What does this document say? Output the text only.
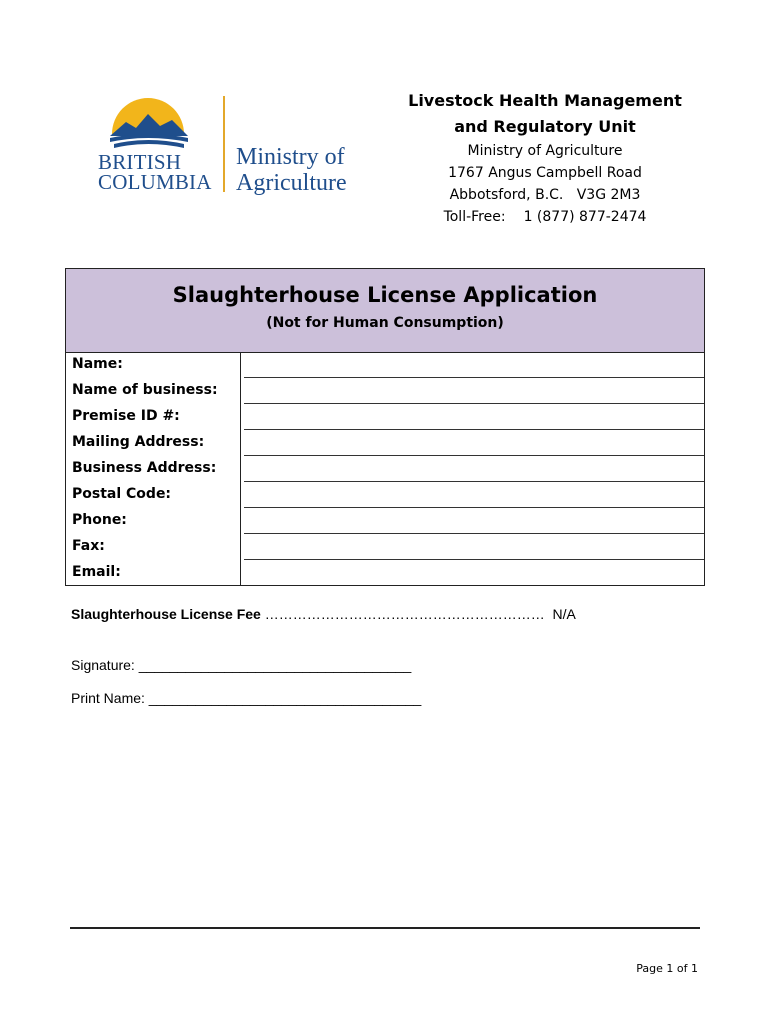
BRITISH
COLUMBIA
Ministry of
Agriculture
Livestock Health Management
and Regulatory Unit
Ministry of Agriculture
1767 Angus Campbell Road
Abbotsford, B.C.   V3G 2M3
Toll-Free: 1 (877) 877-2474
Slaughterhouse License Application
(Not for Human Consumption)
Name:
Name of business:
Premise ID #:
Mailing Address:
Business Address:
Postal Code:
Phone:
Fax:
Email:
Slaughterhouse License Fee ……………………………………………………  N/A
Signature: ___________________________________
Print Name: ___________________________________
Page 1 of 1
